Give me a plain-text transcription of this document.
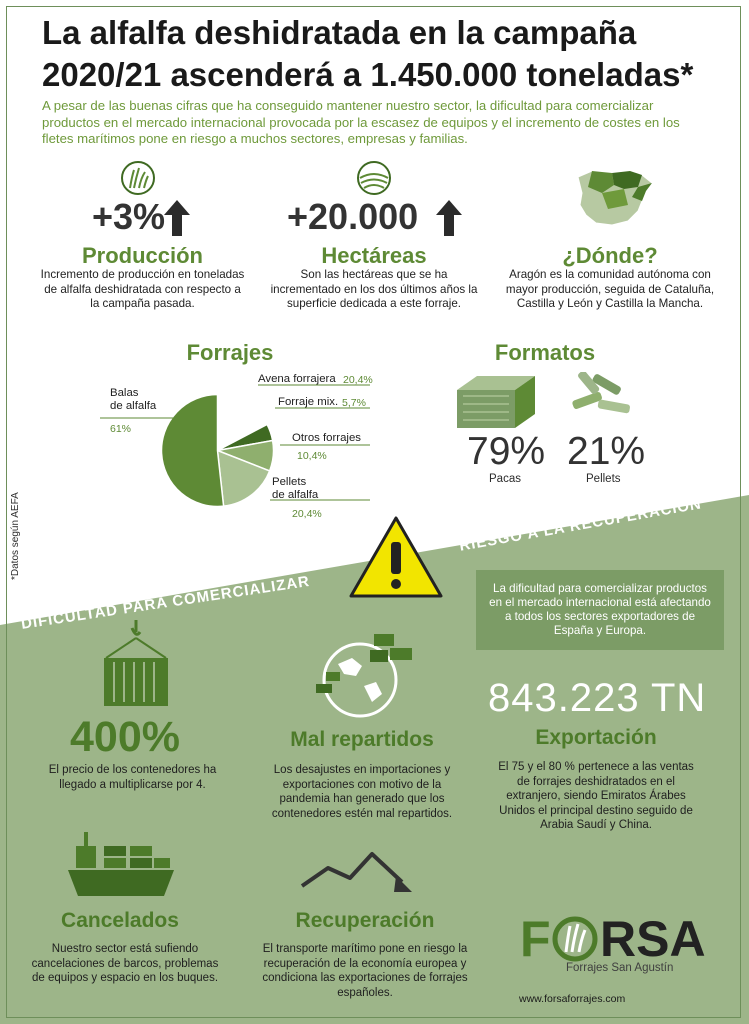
La alfalfa deshidratada en la campaña
2020/21 ascenderá a 1.450.000 toneladas*
A pesar de las buenas cifras que ha conseguido mantener nuestro sector, la dificultad para comercializar productos en el mercado internacional provocada por la escasez de equipos y el incremento de costes en los fletes marítimos pone en riesgo a muchos sectores, empresas y familias.
+3%
Producción
Incremento de producción en toneladas de alfalfa deshidratada con respecto a la campaña pasada.
+20.000
Hectáreas
Son las hectáreas que se ha incrementado en los dos últimos años la superficie dedicada a este forraje.
¿Dónde?
Aragón es la comunidad autónoma con mayor producción, seguida de Cataluña, Castilla y León y Castilla la Mancha.
Forrajes
Balas
de alfalfa
61%
Avena forrajera 20,4%
Forraje mix. 5,7%
Otros forrajes
10,4%
Pellets
de alfalfa
20,4%
Formatos
79% 21%
Pacas	Pellets
*Datos según AEFA
DIFICULTAD PARA COMERCIALIZAR
RIESGO A LA RECUPERACIÓN
La dificultad para comercializar productos en el mercado internacional está afectando a todos los sectores exportadores de España y Europa.
400%
El precio de los contenedores ha llegado a multiplicarse por 4.
Mal repartidos
Los desajustes en importaciones y exportaciones con motivo de la pandemia han generado que los contenedores estén mal repartidos.
843.223 TN
Exportación
El 75 y el 80 % pertenece a las ventas de forrajes deshidratados en el extranjero, siendo Emiratos Árabes Unidos el principal destino seguido de Arabia Saudí y China.
Cancelados
Nuestro sector está sufiendo cancelaciones de barcos, problemas de equipos y espacio en los buques.
Recuperación
El transporte marítimo pone en riesgo la recuperación de la economía europea y condiciona las exportaciones de forrajes españoles.
F RSA
Forrajes San Agustín
www.forsaforrajes.com
